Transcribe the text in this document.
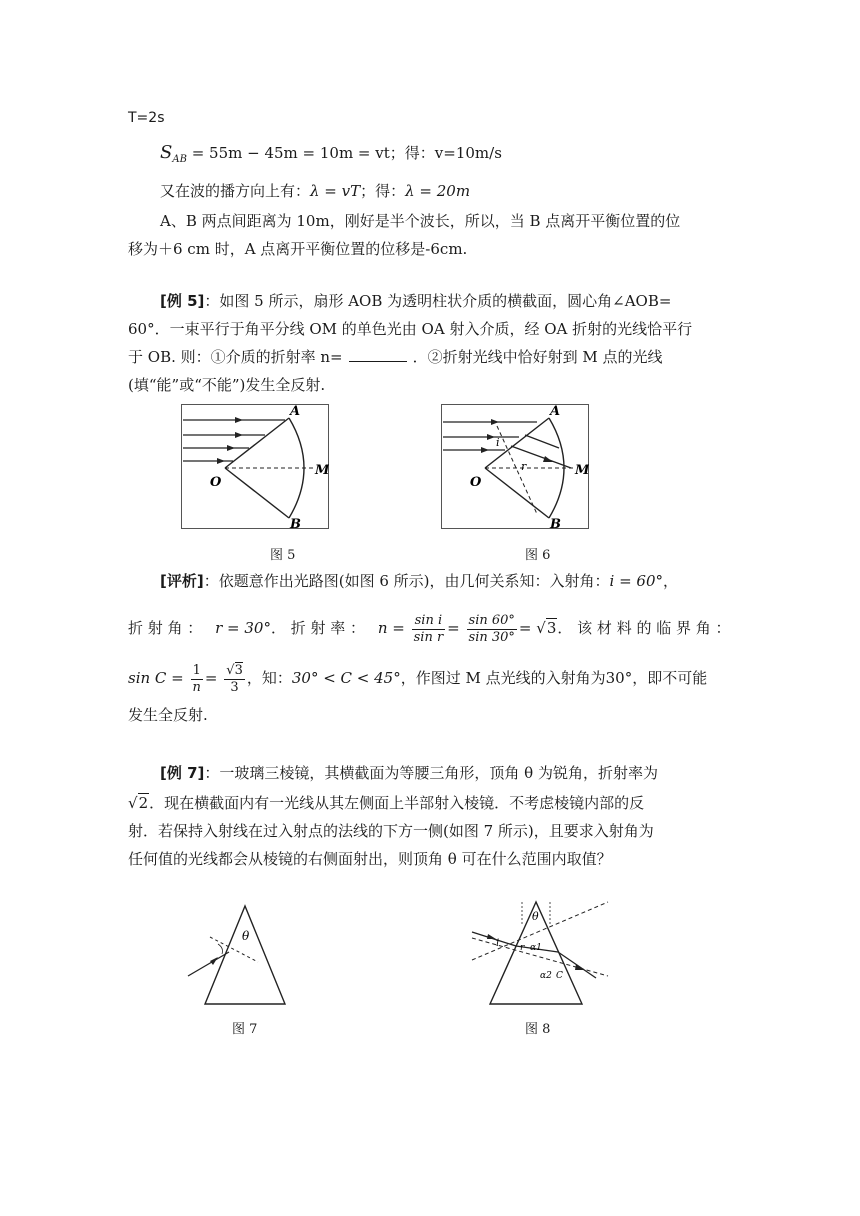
T=2s
$S_{AB} = 55m - 45m = 10m$ = vt；得：v=10m/s
又在波的播方向上有：λ = vT；得：λ = 20m
A、B 两点间距离为 10m，刚好是半个波长，所以，当 B 点离开平衡位置的位
移为＋6 cm 时，A 点离开平衡位置的位移是-6cm.
[例 5]：如图 5 所示，扇形 AOB 为透明柱状介质的横截面，圆心角∠AOB=
60°．一束平行于角平分线 OM 的单色光由 OA 射入介质，经 OA 折射的光线恰平行
于 OB. 则：①介质的折射率 n=	．②折射光线中恰好射到 M 点的光线
(填“能”或“不能”)发生全反射.
A
O
M
B
图 5
A
O
M
B
i
r
图 6
[评析]：依题意作出光路图(如图 6 所示)，由几何关系知：入射角：i = 60°，
折 射 角 ： r = 30°． 折 射 率 ： $n = \frac{\text{sin i}}{\text{sin r}} = \frac{\sin 60^\circ}{\sin 30^\circ} = √3$． 该 材 料 的 临 界 角 ：
$\sin C = \frac{1}{n} = \frac{√3}{3}$ ，知：30° < C < 45°，作图过 M 点光线的入射角为30°，即不可能
发生全反射.
[例 7]：一玻璃三棱镜，其横截面为等腰三角形，顶角 θ 为锐角，折射率为
√2．现在横截面内有一光线从其左侧面上半部射入棱镜．不考虑棱镜内部的反
射．若保持入射线在过入射点的法线的下方一侧(如图 7 所示)，且要求入射角为
任何值的光线都会从棱镜的右侧面射出，则顶角 θ 可在什么范围内取值？
θ
图 7
θ
i r α1
α2 C
图 8
